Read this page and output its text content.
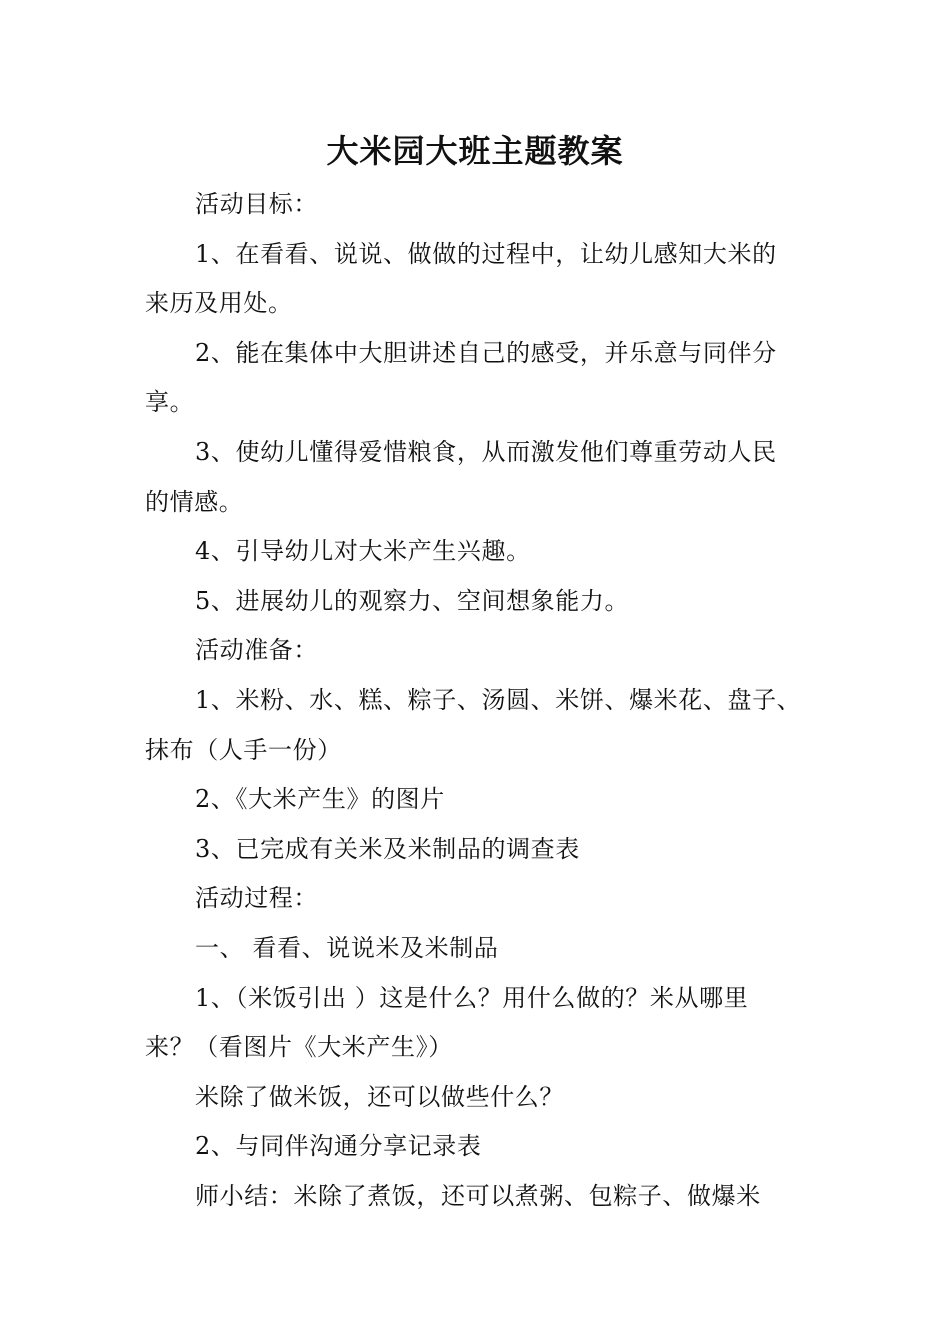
大米园大班主题教案
活动目标：
1、在看看、说说、做做的过程中，让幼儿感知大米的
来历及用处。
2、能在集体中大胆讲述自己的感受，并乐意与同伴分
享。
3、使幼儿懂得爱惜粮食，从而激发他们尊重劳动人民
的情感。
4、引导幼儿对大米产生兴趣。
5、进展幼儿的观察力、空间想象能力。
活动准备：
1、米粉、水、糕、粽子、汤圆、米饼、爆米花、盘子、
抹布（人手一份）
2、《大米产生》的图片
3、已完成有关米及米制品的调查表
活动过程：
一、 看看、说说米及米制品
1、（米饭引出 ）这是什么？用什么做的？米从哪里
来？（看图片《大米产生》）
米除了做米饭，还可以做些什么？
2、与同伴沟通分享记录表
师小结：米除了煮饭，还可以煮粥、包粽子、做爆米
